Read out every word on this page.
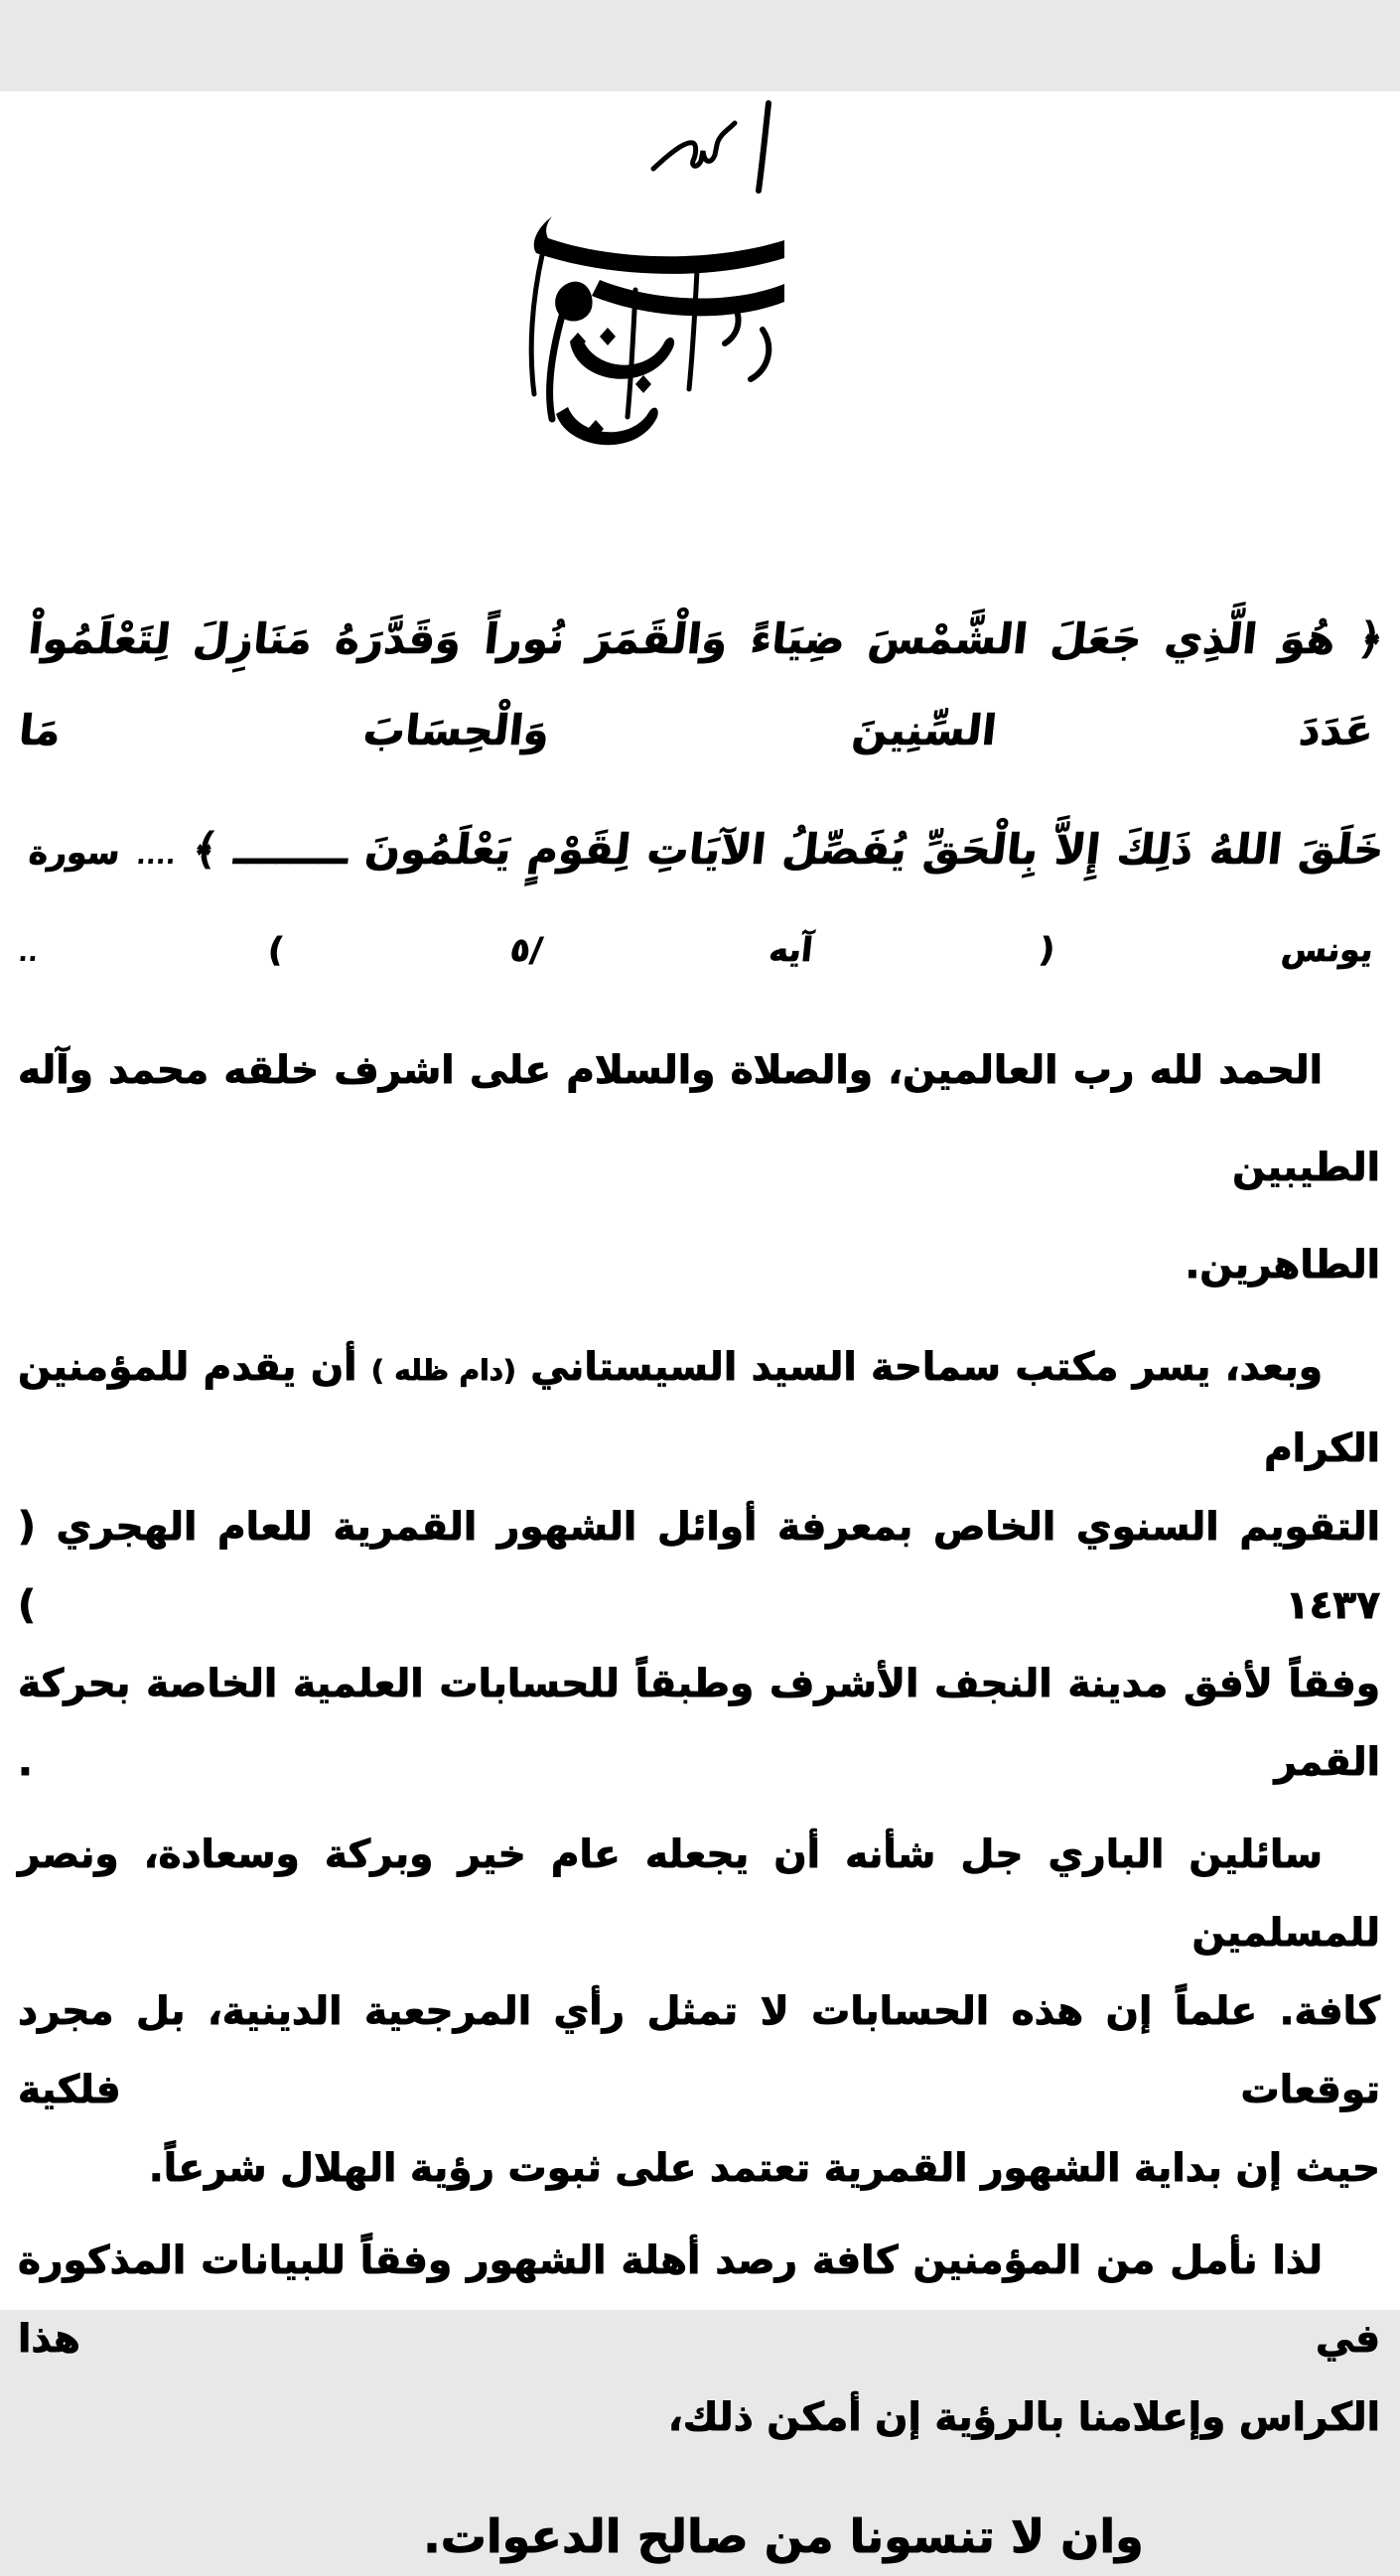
﴿ هُوَ الَّذِي جَعَلَ الشَّمْسَ ضِيَاءً وَالْقَمَرَ نُوراً وَقَدَّرَهُ مَنَازِلَ لِتَعْلَمُواْ عَدَدَ السِّنِينَ وَالْحِسَابَ مَا
خَلَقَ اللهُ ذَلِكَ إِلاَّ بِالْحَقِّ يُفَصِّلُ الآيَاتِ لِقَوْمٍ يَعْلَمُونَ ــــــــ ﴾ .... سورة يونس ( آيه /٥ ) ..
الحمد لله رب العالمين، والصلاة والسلام على اشرف خلقه محمد وآله الطيبين
الطاهرين.
وبعد، يسر مكتب سماحة السيد السيستاني (دام ظله ) أن يقدم للمؤمنين الكرام
التقويم السنوي الخاص بمعرفة أوائل الشهور القمرية للعام الهجري ( ١٤٣٧ )
وفقاً لأفق مدينة النجف الأشرف وطبقاً للحسابات العلمية الخاصة بحركة القمر .
سائلين الباري جل شأنه أن يجعله عام خير وبركة وسعادة، ونصر للمسلمين
كافة. علماً إن هذه الحسابات لا تمثل رأي المرجعية الدينية، بل مجرد توقعات فلكية
حيث إن بداية الشهور القمرية تعتمد على ثبوت رؤية الهلال شرعاً.
لذا نأمل من المؤمنين كافة رصد أهلة الشهور وفقاً للبيانات المذكورة في هذا
الكراس وإعلامنا بالرؤية إن أمكن ذلك،
وان لا تنسونا من صالح الدعوات.
